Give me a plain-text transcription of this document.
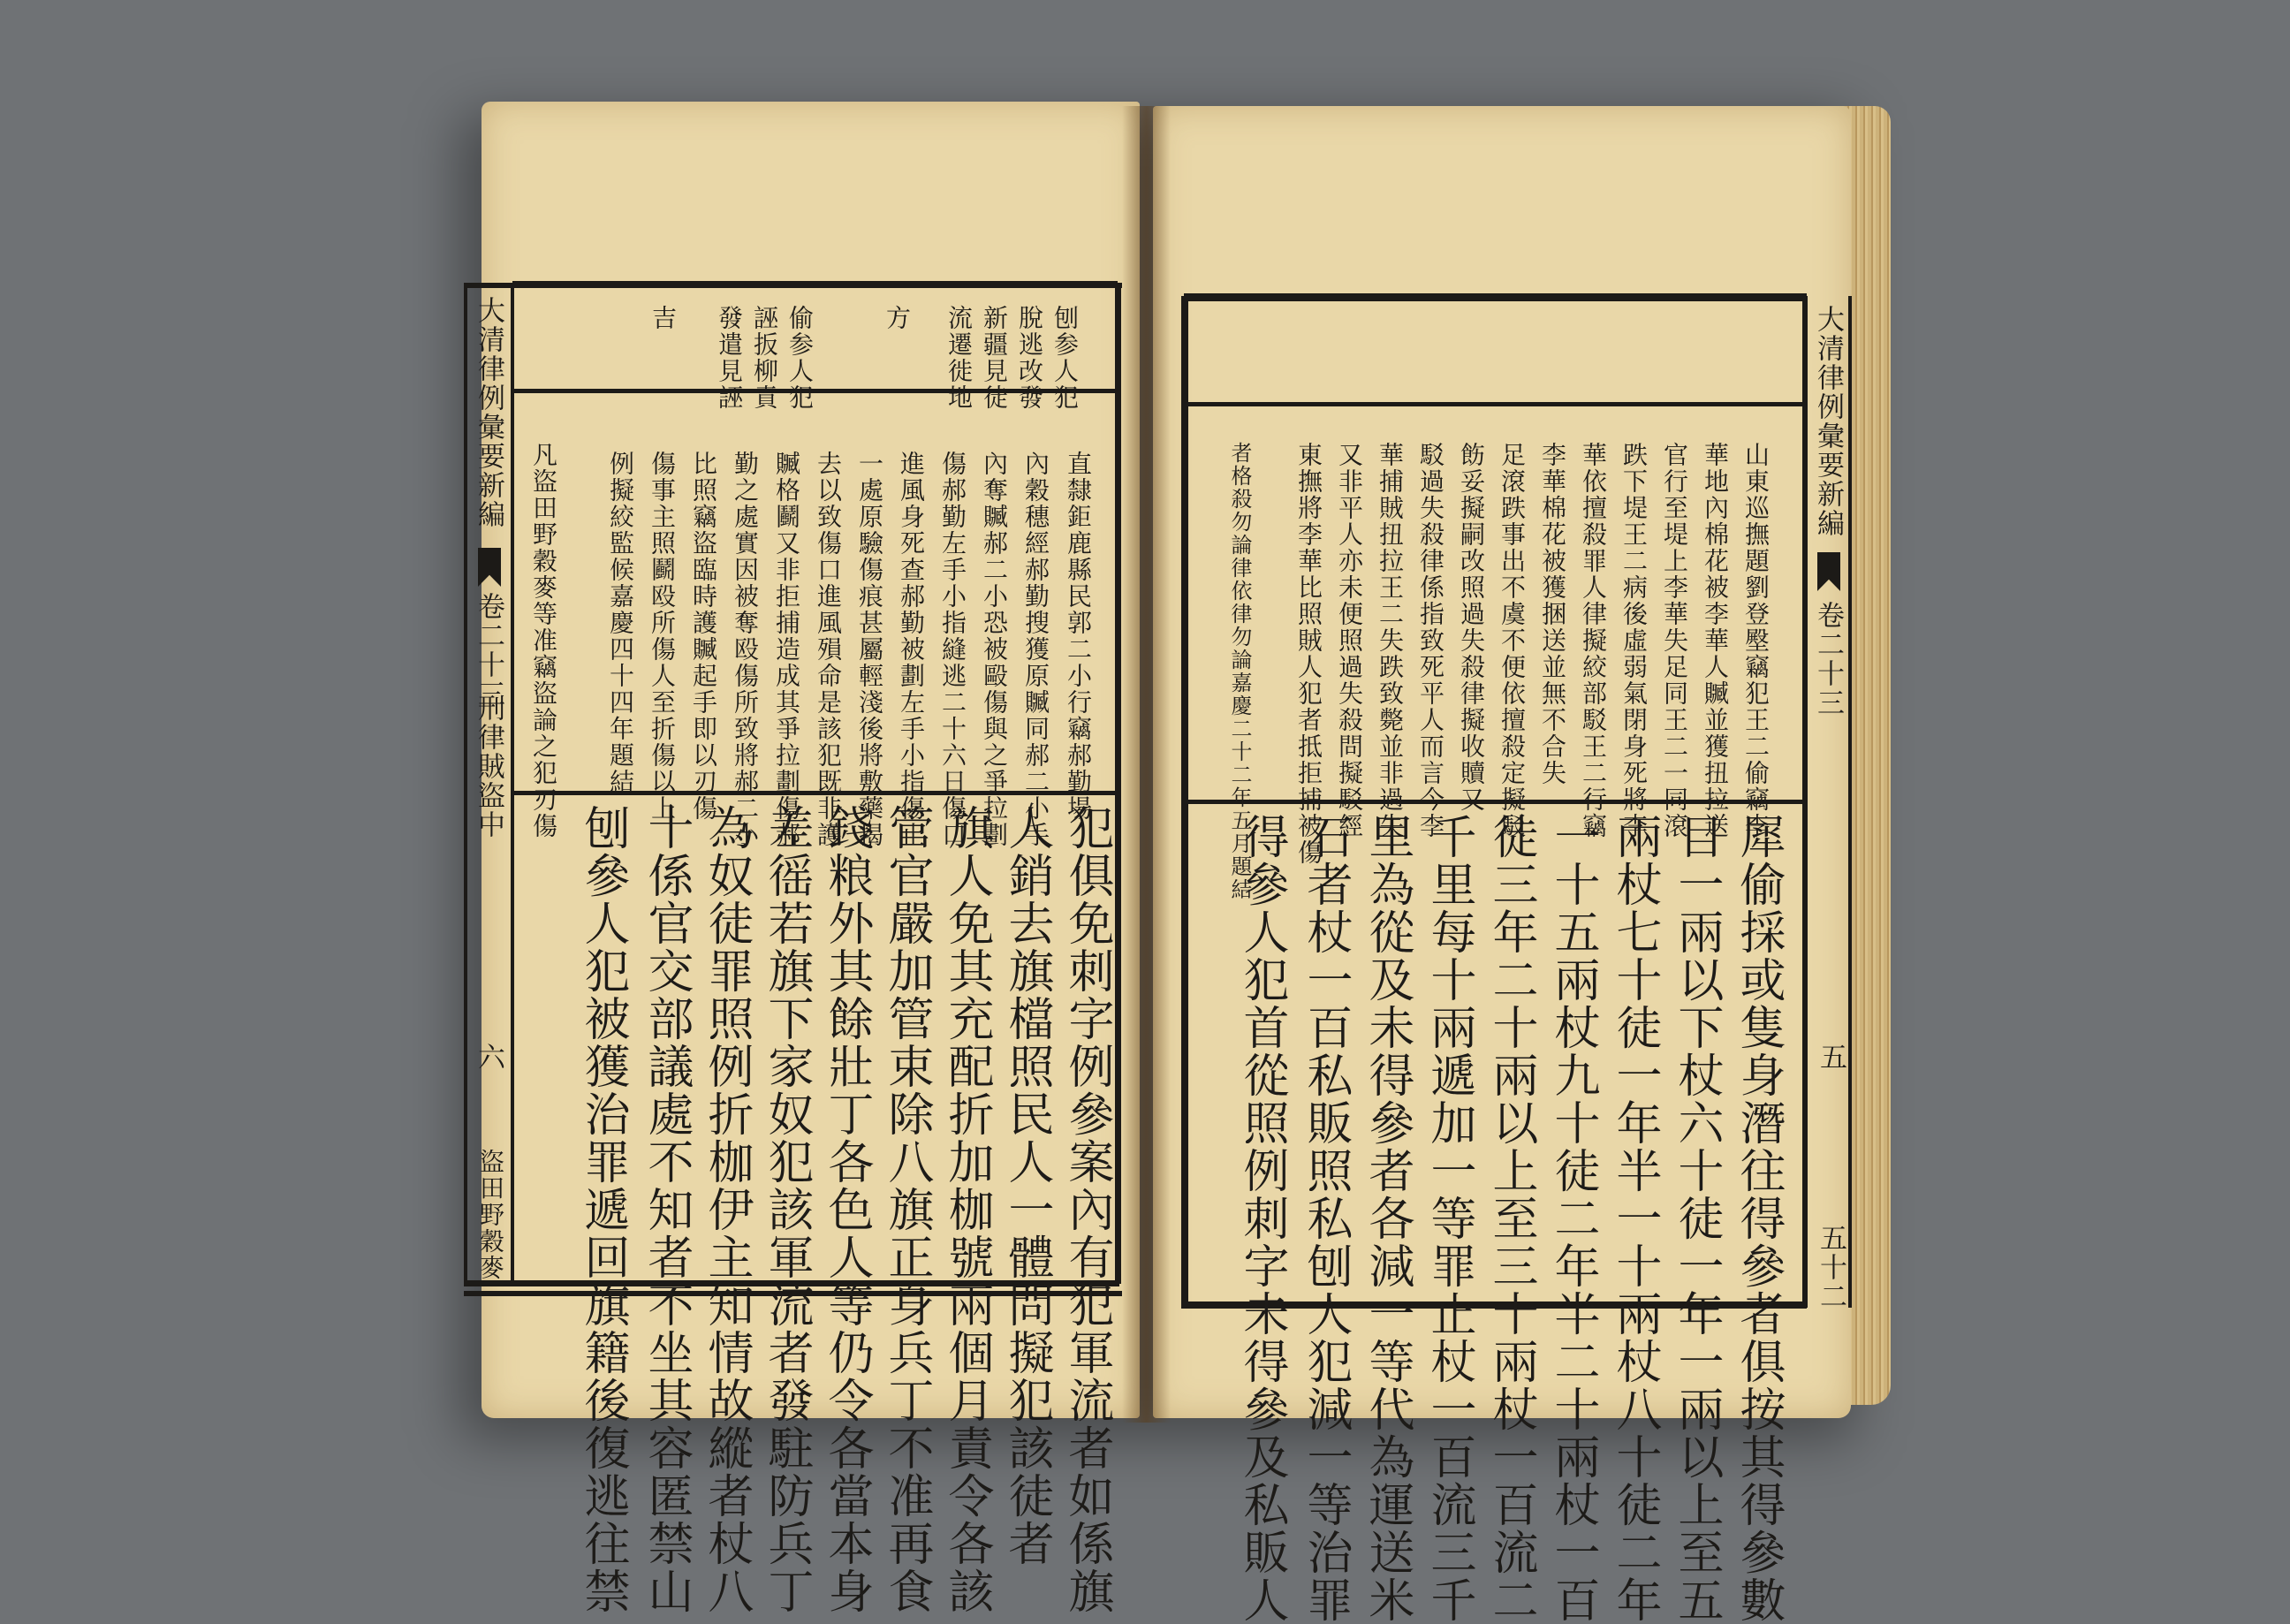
大清律例彙要新編
卷二十三
刑律賊盜中
六
盜田野穀麥
刨参人犯
脫逃改發
新疆見徒
流遷徙地
方
偷参人犯
誣扳柳責
發遣見誣
吉
直隸鉅鹿縣民郭二小行竊郝勤場
內穀穗經郝勤搜獲原贓同郝二小手
內奪贓郝二小恐被毆傷與之爭拉劃
傷郝勤左手小指縫逃二十六日傷口
進風身死查郝勤被劃左手小指傷止
一處原驗傷痕甚屬輕淺後將敷藥揭
去以致傷口進風殞命是該犯既非護
贓格鬬又非拒捕造成其爭拉劃傷郝
勤之處實因被奪殴傷所致將郝二小
比照竊盜臨時護贓起手即以刃傷
傷事主照鬬殴所傷人至折傷以上
例擬絞監候嘉慶四十四年題結
凡盜田野穀麥等准竊盜論之犯刃傷
犯俱免刺字例參案內有犯軍流者如係旗
人銷去旗檔照民人一體問擬犯該徒者
旗人免其充配折加枷號兩個月責令各該
管官嚴加管束除八旗正身兵丁不准再食
錢粮外其餘壯丁各色人等仍令各當本身
差徭若旗下家奴犯該軍流者發駐防兵丁
為奴徒罪照例折枷伊主知情故縱者杖八
十係官交部議處不知者不坐其容匿禁山
刨參人犯被獲治罪遞回旗籍後復逃往禁
大清律例彙要新編
卷二十三
五
五十二
山東巡撫題劉登壂竊犯王二偷竊李
華地內棉花被李華人贓並獲扭拉送
官行至堤上李華失足同王二一同滾
跌下堤王二病後虛弱氣閉身死將李
華依擅殺罪人律擬絞部駁王二行竊
李華棉花被獲捆送並無不合失
足滾跌事出不虞不便依擅殺定擬駁
飭妥擬嗣改照過失殺律擬收贖又
駁過失殺律係指致死平人而言今李
華捕賊扭拉王二失跌致斃並非過失
又非平人亦未便照過失殺問擬駁經
東撫將李華比照賊人犯者抵拒捕被傷
者格殺勿論律依律勿論嘉慶二十二年五月題結
犀偷採或隻身潛往得參者俱按其得參數
目一兩以下杖六十徒一年一兩以上至五
兩杖七十徒一年半一十兩杖八十徒二年
一十五兩杖九十徒二年半二十兩杖一百
徒三年二十兩以上至三十兩杖一百流二
千里每十兩遞加一等罪止杖一百流三千
里為從及未得參者各減一等代為運送米
石者杖一百私販照私刨人犯減一等治罪
得參人犯首從照例刺字未得參及私販人
